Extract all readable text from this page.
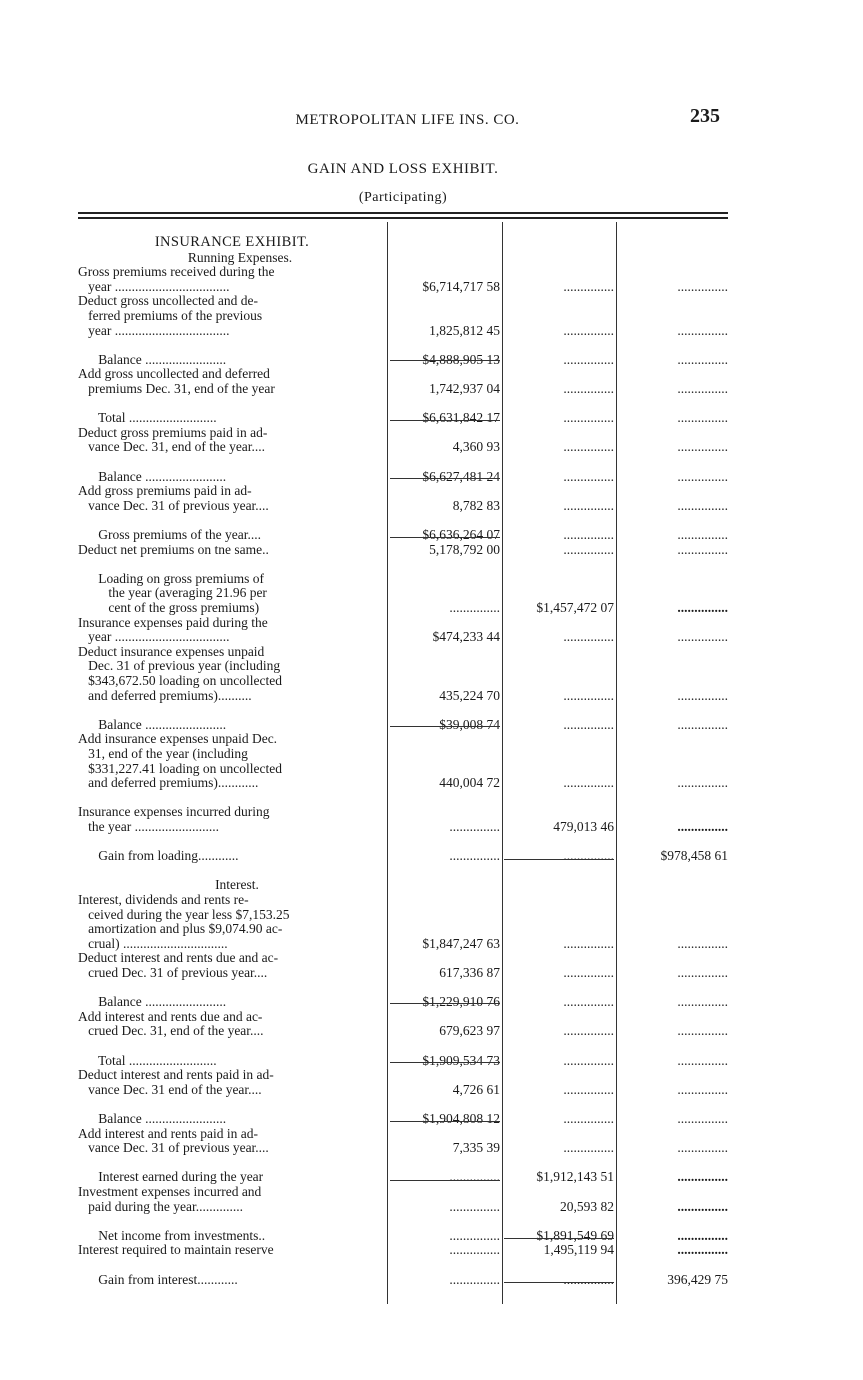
METROPOLITAN LIFE INS. CO.	235
GAIN AND LOSS EXHIBIT.
(Participating)
INSURANCE EXHIBIT.
Running Expenses.
Gross premiums received during the
year ..................................	$6,714,717 58	...............	...............
Deduct gross uncollected and de-
ferred premiums of the previous
year ..................................	1,825,812 45	...............	...............
Balance ........................	$4,888,905 13	...............	...............
Add gross uncollected and deferred
premiums Dec. 31, end of the year	1,742,937 04	...............	...............
Total ..........................	$6,631,842 17	...............	...............
Deduct gross premiums paid in ad-
vance Dec. 31, end of the year....	4,360 93	...............	...............
Balance ........................	$6,627,481 24	...............	...............
Add gross premiums paid in ad-
vance Dec. 31 of previous year....	8,782 83	...............	...............
Gross premiums of the year....	$6,636,264 07	...............	...............
Deduct net premiums on tne same..	5,178,792 00	...............	...............
Loading on gross premiums of
the year (averaging 21.96 per
cent of the gross premiums)	...............	$1,457,472 07	...............
Insurance expenses paid during the
year ..................................	$474,233 44	...............	...............
Deduct insurance expenses unpaid
Dec. 31 of previous year (including
$343,672.50 loading on uncollected
and deferred premiums)..........	435,224 70	...............	...............
Balance ........................	$39,008 74	...............	...............
Add insurance expenses unpaid Dec.
31, end of the year (including
$331,227.41 loading on uncollected
and deferred premiums)............	440,004 72	...............	...............
Insurance expenses incurred during
the year .........................	...............	479,013 46	...............
Gain from loading............	...............	...............	$978,458 61
Interest.
Interest, dividends and rents re-
ceived during the year less $7,153.25
amortization and plus $9,074.90 ac-
crual) ...............................	$1,847,247 63	...............	...............
Deduct interest and rents due and ac-
crued Dec. 31 of previous year....	617,336 87	...............	...............
Balance ........................	$1,229,910 76	...............	...............
Add interest and rents due and ac-
crued Dec. 31, end of the year....	679,623 97	...............	...............
Total ..........................	$1,909,534 73	...............	...............
Deduct interest and rents paid in ad-
vance Dec. 31 end of the year....	4,726 61	...............	...............
Balance ........................	$1,904,808 12	...............	...............
Add interest and rents paid in ad-
vance Dec. 31 of previous year....	7,335 39	...............	...............
Interest earned during the year	...............	$1,912,143 51	...............
Investment expenses incurred and
paid during the year..............	...............	20,593 82	...............
Net income from investments..	...............	$1,891,549 69	...............
Interest required to maintain reserve	...............	1,495,119 94	...............
Gain from interest............	...............	...............	396,429 75
